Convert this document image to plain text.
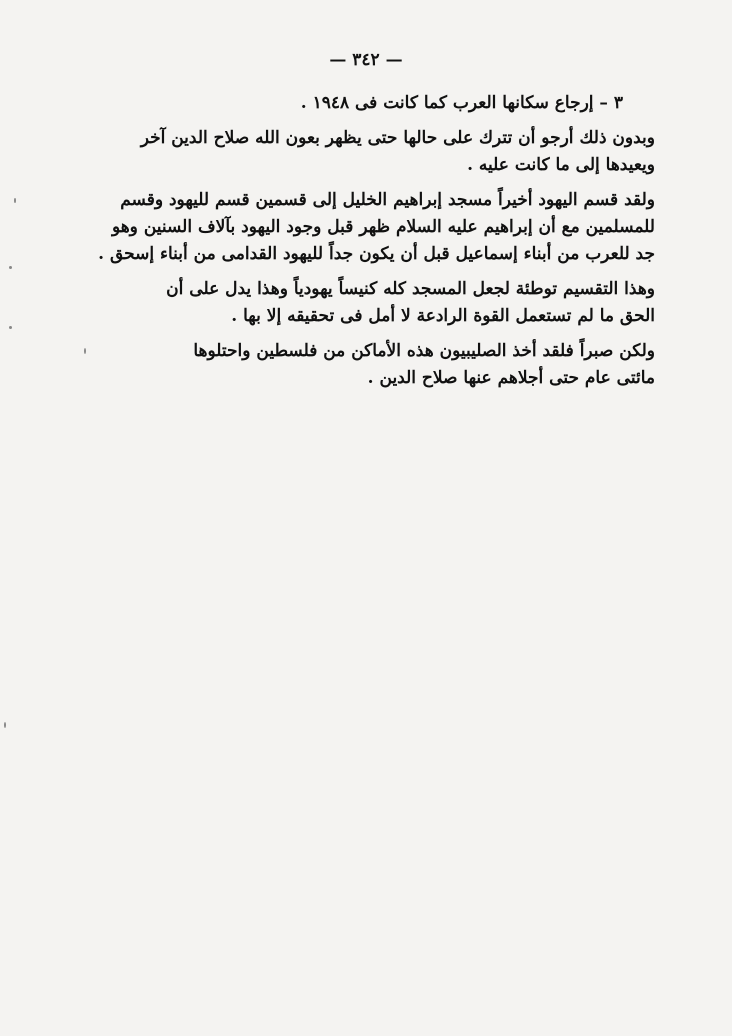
— ٣٤٢ —
٣ – إرجاع سكانها العرب كما كانت فى ١٩٤٨ .
وبدون ذلك أرجو أن تترك على حالها حتى يظهر بعون الله صلاح الدين آخر
ويعيدها إلى ما كانت عليه .
ولقد قسم اليهود أخيراً مسجد إبراهيم الخليل إلى قسمين قسم لليهود وقسم
للمسلمين مع أن إبراهيم عليه السلام ظهر قبل وجود اليهود بآلاف السنين وهو
جد للعرب من أبناء إسماعيل قبل أن يكون جداً لليهود القدامى من أبناء إسحق .
وهذا التقسيم توطئة لجعل المسجد كله كنيساً يهودياً وهذا يدل على أن
الحق ما لم تستعمل القوة الرادعة لا أمل فى تحقيقه إلا بها .
ولكن صبراً فلقد أخذ الصليبيون هذه الأماكن من فلسطين واحتلوها
مائتى عام حتى أجلاهم عنها صلاح الدين .
